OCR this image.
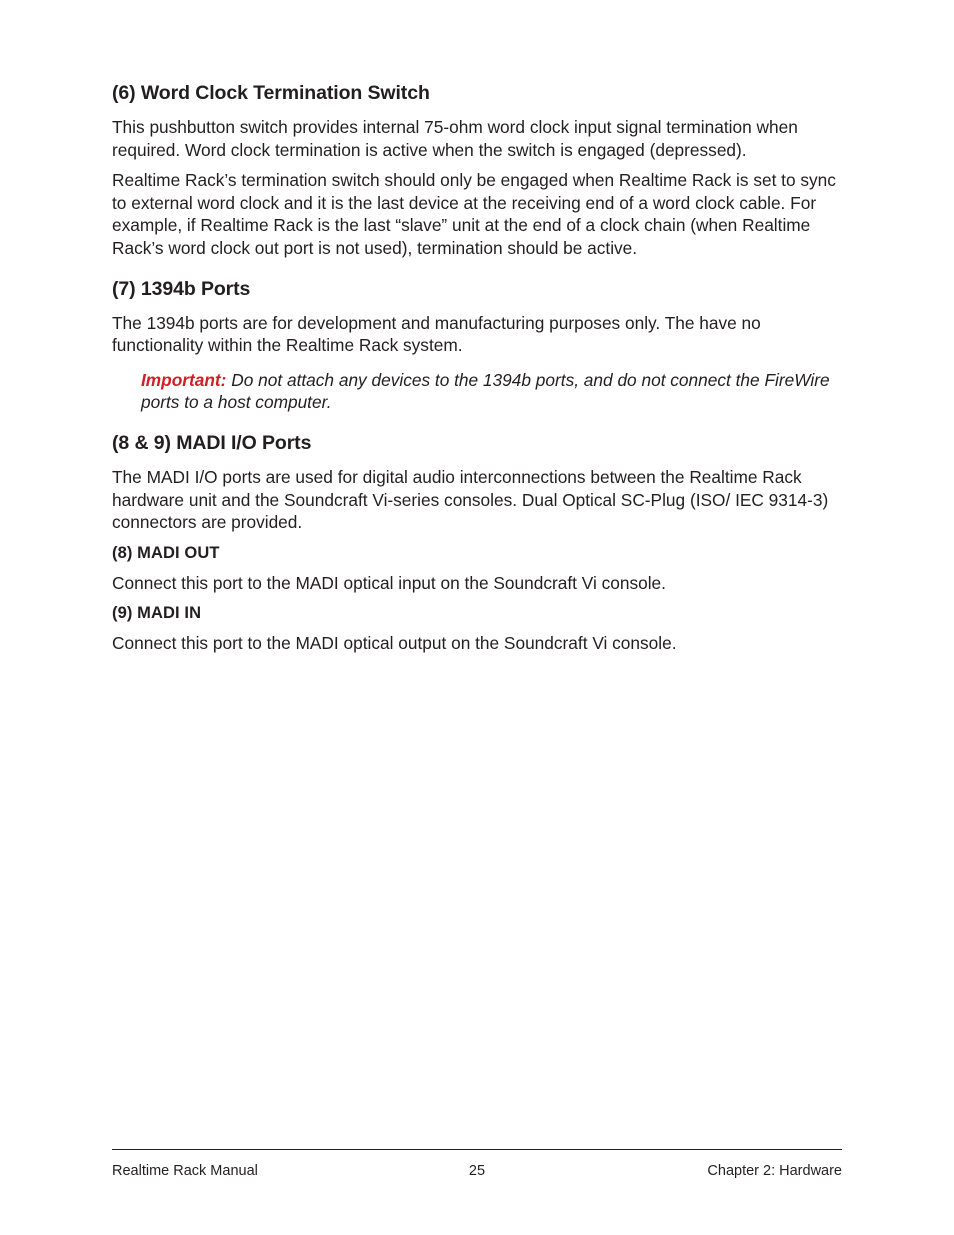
(6) Word Clock Termination Switch

This pushbutton switch provides internal 75-ohm word clock input signal termination when required. Word clock termination is active when the switch is engaged (depressed).

Realtime Rack’s termination switch should only be engaged when Realtime Rack is set to sync to external word clock and it is the last device at the receiving end of a word clock cable. For example, if Realtime Rack is the last “slave” unit at the end of a clock chain (when Realtime Rack’s word clock out port is not used), termination should be active.

(7) 1394b Ports

The 1394b ports are for development and manufacturing purposes only. The have no functionality within the Realtime Rack system.

Important: Do not attach any devices to the 1394b ports, and do not connect the FireWire ports to a host computer.

(8 & 9) MADI I/O Ports

The MADI I/O ports are used for digital audio interconnections between the Realtime Rack hardware unit and the Soundcraft Vi-series consoles. Dual Optical SC-Plug (ISO/ IEC 9314-3) connectors are provided.

(8) MADI OUT

Connect this port to the MADI optical input on the Soundcraft Vi console.

(9) MADI IN

Connect this port to the MADI optical output on the Soundcraft Vi console.

Realtime Rack Manual	25	Chapter 2: Hardware
